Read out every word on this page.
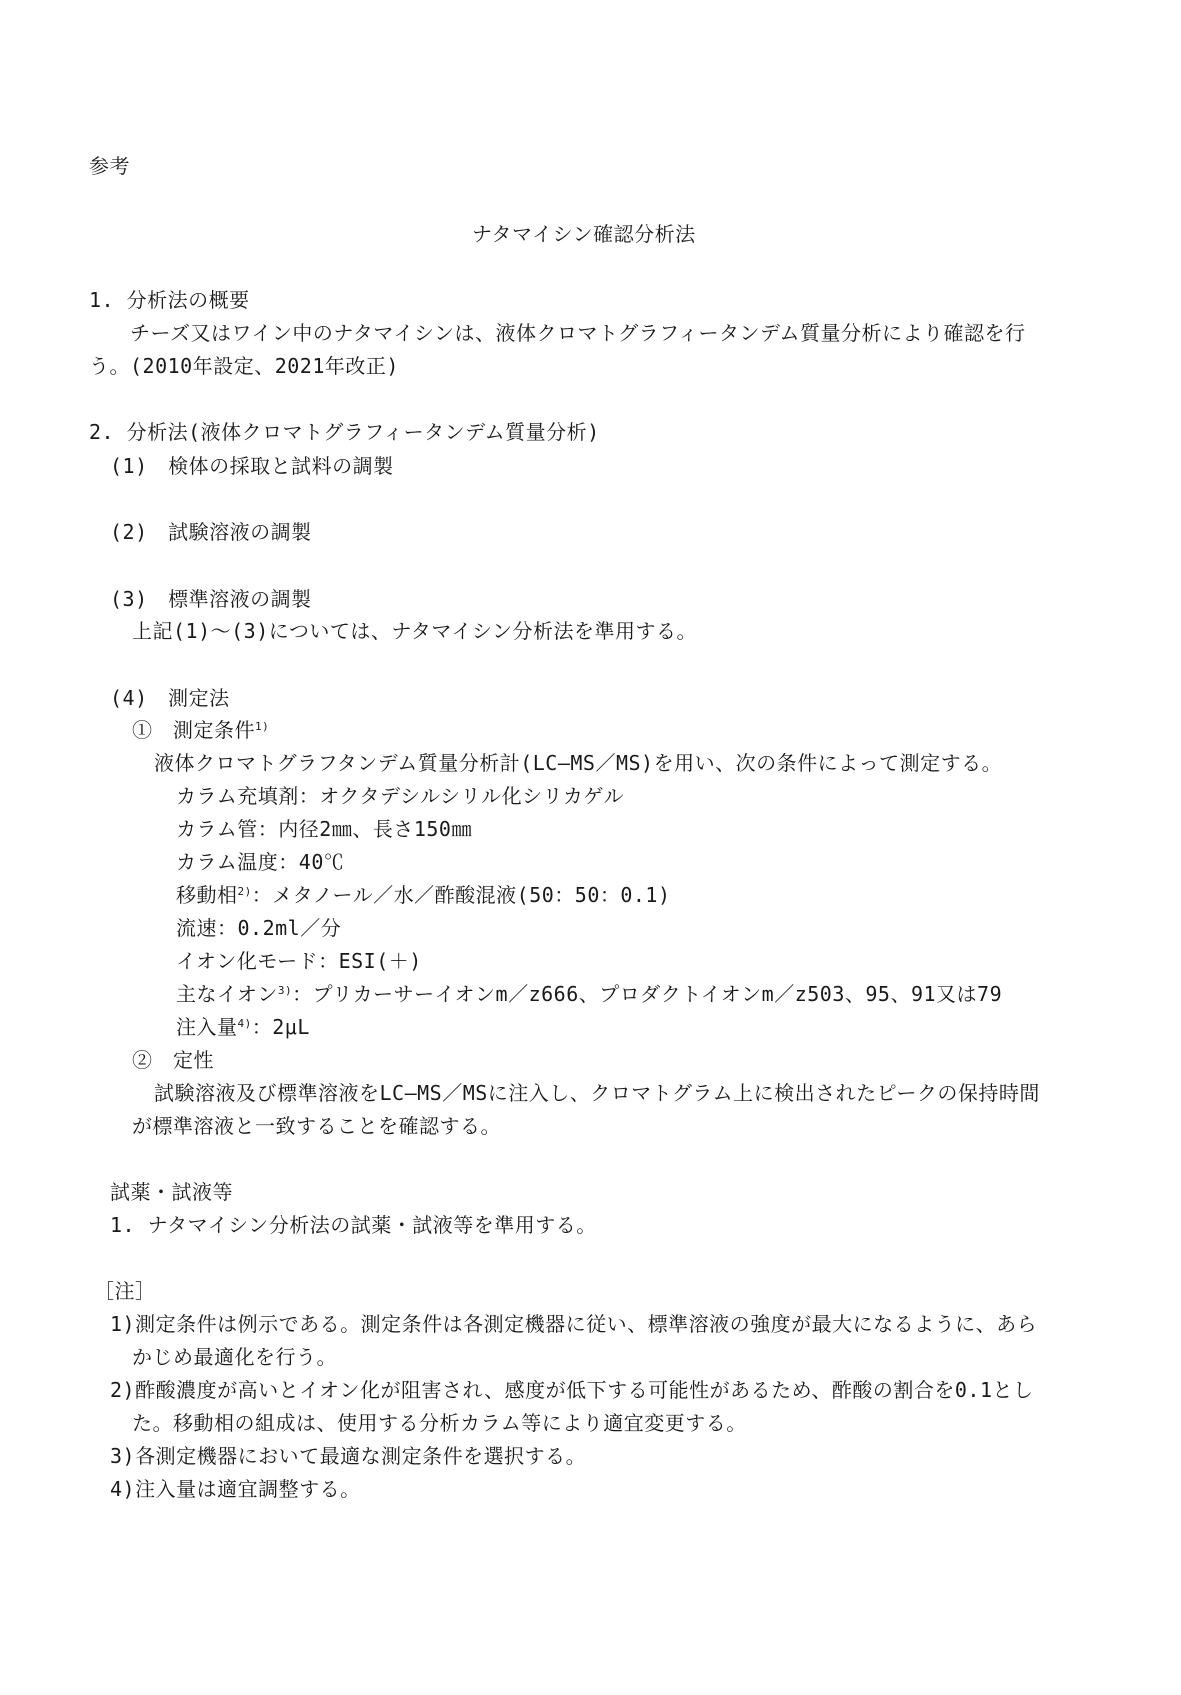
参考
ナタマイシン確認分析法
1. 分析法の概要
チーズ又はワイン中のナタマイシンは、液体クロマトグラフィータンデム質量分析により確認を行
う。(2010年設定、2021年改正)
2. 分析法(液体クロマトグラフィータンデム質量分析)
(1)　検体の採取と試料の調製
(2)　試験溶液の調製
(3)　標準溶液の調製
上記(1)～(3)については、ナタマイシン分析法を準用する。
(4)　測定法
①　測定条件$^{1)}$
液体クロマトグラフタンデム質量分析計(LC―MS／MS)を用い、次の条件によって測定する。
カラム充填剤：オクタデシルシリル化シリカゲル
カラム管：内径2㎜、長さ150㎜
カラム温度：40℃
移動相$^{2)}$：メタノール／水／酢酸混液(50：50：0.1)
流速：0.2ml／分
イオン化モード：ESI(＋)
主なイオン$^{3)}$：プリカーサーイオンm／z666、プロダクトイオンm／z503、95、91又は79
注入量$^{4)}$：2μL
②　定性
試験溶液及び標準溶液をLC―MS／MSに注入し、クロマトグラム上に検出されたピークの保持時間
が標準溶液と一致することを確認する。
試薬・試液等
1. ナタマイシン分析法の試薬・試液等を準用する。
［注］
1)測定条件は例示である。測定条件は各測定機器に従い、標準溶液の強度が最大になるように、あら
かじめ最適化を行う。
2)酢酸濃度が高いとイオン化が阻害され、感度が低下する可能性があるため、酢酸の割合を0.1とし
た。移動相の組成は、使用する分析カラム等により適宜変更する。
3)各測定機器において最適な測定条件を選択する。
4)注入量は適宜調整する。
